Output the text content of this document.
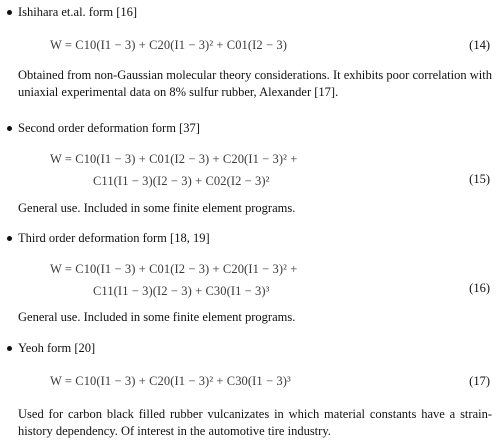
Ishihara et.al. form [16]
W = C10(I1 − 3) + C20(I1 − 3)² + C01(I2 − 3)	(14)
Obtained from non-Gaussian molecular theory considerations. It exhibits poor correlation with uniaxial experimental data on 8% sulfur rubber, Alexander [17].
Second order deformation form [37]
W = C10(I1 − 3) + C01(I2 − 3) + C20(I1 − 3)² +
C11(I1 − 3)(I2 − 3) + C02(I2 − 3)²	(15)
General use. Included in some finite element programs.
Third order deformation form [18, 19]
W = C10(I1 − 3) + C01(I2 − 3) + C20(I1 − 3)² +
C11(I1 − 3)(I2 − 3) + C30(I1 − 3)³	(16)
General use. Included in some finite element programs.
Yeoh form [20]
W = C10(I1 − 3) + C20(I1 − 3)² + C30(I1 − 3)³	(17)
Used for carbon black filled rubber vulcanizates in which material constants have a strain-history dependency. Of interest in the automotive tire industry.
